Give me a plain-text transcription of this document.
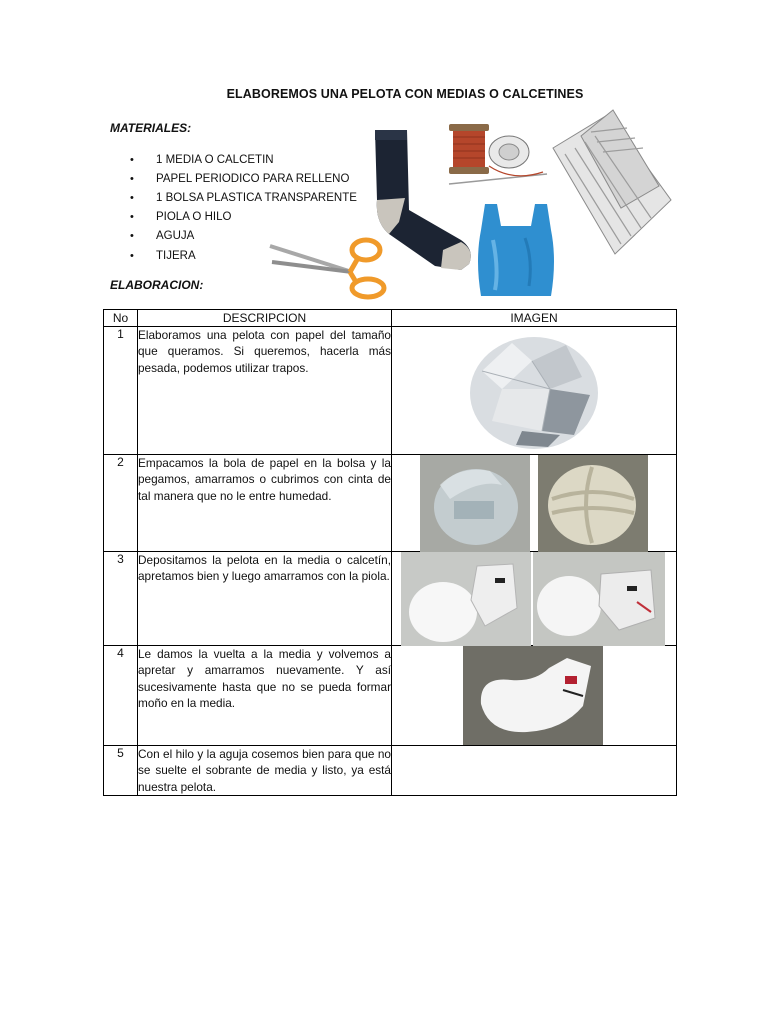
ELABOREMOS UNA PELOTA CON MEDIAS O CALCETINES
MATERIALES:
•	1 MEDIA O CALCETIN
•	PAPEL PERIODICO PARA RELLENO
•	1 BOLSA PLASTICA TRANSPARENTE
•	PIOLA O HILO
•	AGUJA
•	TIJERA
ELABORACION:
No	DESCRIPCION	IMAGEN
1	Elaboramos una pelota con papel del tamaño que queramos. Si queremos, hacerla más pesada, podemos utilizar trapos.	

2	Empacamos la bola de papel en la bolsa y la pegamos, amarramos o cubrimos con cinta de tal manera que no le entre humedad.	

3	Depositamos la pelota en la media o calcetín, apretamos bien y luego amarramos con la piola.	

4	Le damos la vuelta a la media y volvemos a apretar y amarramos nuevamente. Y así sucesivamente hasta que no se pueda formar moño en la media.	

5	Con el hilo y la aguja cosemos bien para que no se suelte el sobrante de media y listo, ya está nuestra pelota.	
